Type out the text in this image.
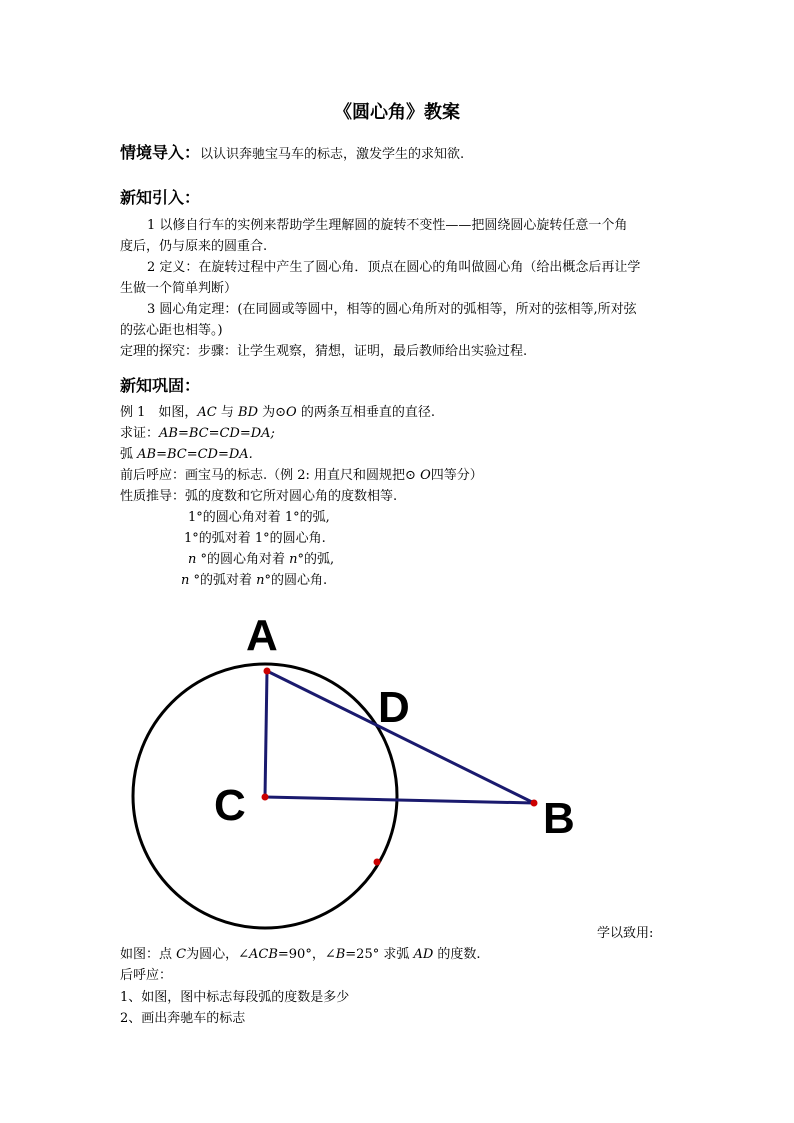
《圆心角》教案
情境导入：以认识奔驰宝马车的标志，激发学生的求知欲.
新知引入：
1 以修自行车的实例来帮助学生理解圆的旋转不变性——把圆绕圆心旋转任意一个角
度后，仍与原来的圆重合.
2 定义：在旋转过程中产生了圆心角．顶点在圆心的角叫做圆心角（给出概念后再让学
生做一个简单判断）
3 圆心角定理：(在同圆或等圆中，相等的圆心角所对的弧相等，所对的弦相等,所对弦
的弦心距也相等。)
定理的探究：步骤：让学生观察，猜想，证明，最后教师给出实验过程.
新知巩固：
例 1　如图，AC 与 BD 为⊙O 的两条互相垂直的直径.
求证：AB=BC=CD=DA;
弧 AB=BC=CD=DA.
前后呼应：画宝马的标志.（例 2: 用直尺和圆规把⊙ O四等分）
性质推导：弧的度数和它所对圆心角的度数相等.
1°的圆心角对着 1°的弧,
1°的弧对着 1°的圆心角.
n °的圆心角对着 n°的弧,
n °的弧对着 n°的圆心角.
A
D
C	B
学以致用:
如图：点 C为圆心，∠ACB=90°，∠B=25° 求弧 AD 的度数.
后呼应：
1、如图，图中标志每段弧的度数是多少
2、画出奔驰车的标志
